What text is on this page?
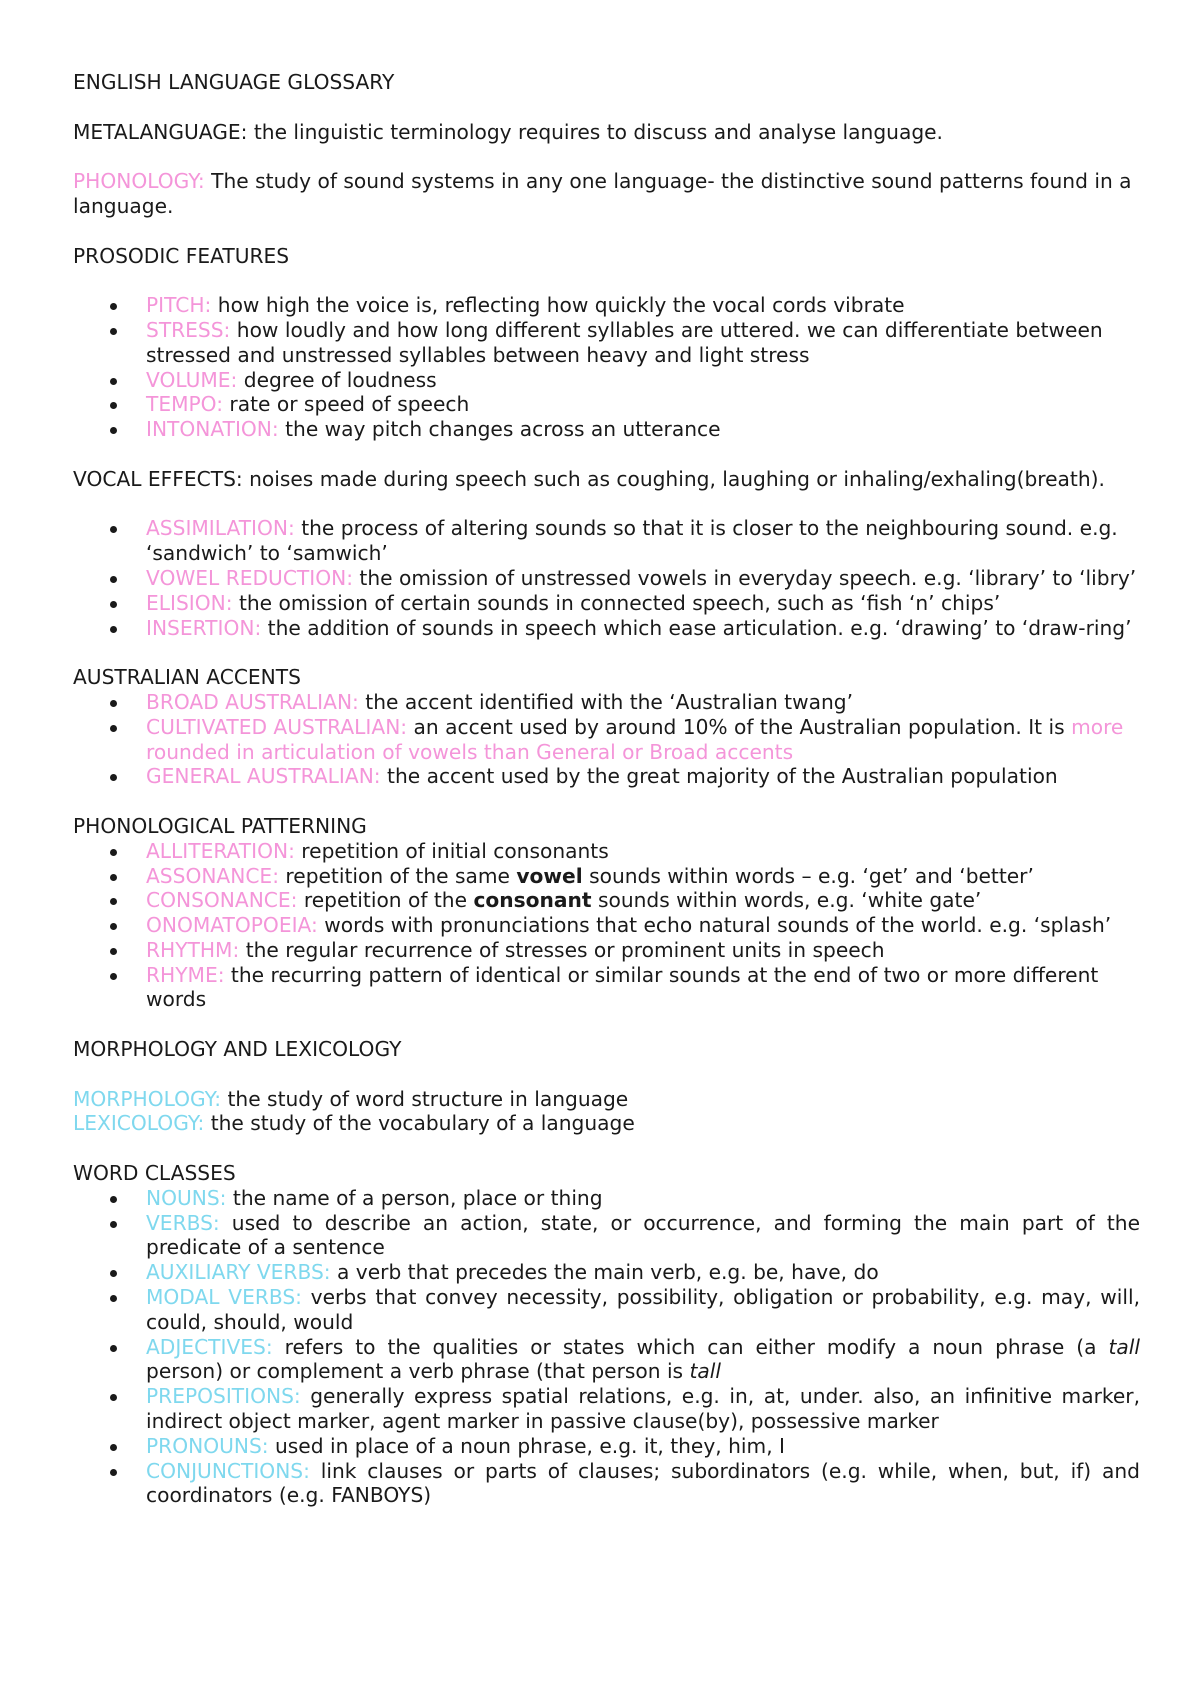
ENGLISH LANGUAGE GLOSSARY

METALANGUAGE: the linguistic terminology requires to discuss and analyse language.

PHONOLOGY: The study of sound systems in any one language- the distinctive sound patterns found in a language.

PROSODIC FEATURES

PITCH: how high the voice is, reflecting how quickly the vocal cords vibrate
STRESS: how loudly and how long different syllables are uttered. we can differentiate between stressed and unstressed syllables between heavy and light stress
VOLUME: degree of loudness
TEMPO: rate or speed of speech
INTONATION: the way pitch changes across an utterance

VOCAL EFFECTS: noises made during speech such as coughing, laughing or inhaling/exhaling(breath).

ASSIMILATION: the process of altering sounds so that it is closer to the neighbouring sound. e.g. ‘sandwich’ to ‘samwich’
VOWEL REDUCTION: the omission of unstressed vowels in everyday speech. e.g. ‘library’ to ‘libry’
ELISION: the omission of certain sounds in connected speech, such as ‘fish ‘n’ chips’
INSERTION: the addition of sounds in speech which ease articulation. e.g. ‘drawing’ to ‘draw-ring’

AUSTRALIAN ACCENTS

BROAD AUSTRALIAN: the accent identified with the ‘Australian twang’
CULTIVATED AUSTRALIAN: an accent used by around 10% of the Australian population. It is more rounded in articulation of vowels than General or Broad accents
GENERAL AUSTRALIAN: the accent used by the great majority of the Australian population

PHONOLOGICAL PATTERNING

ALLITERATION: repetition of initial consonants
ASSONANCE: repetition of the same vowel sounds within words – e.g. ‘get’ and ‘better’
CONSONANCE: repetition of the consonant sounds within words, e.g. ‘white gate’
ONOMATOPOEIA: words with pronunciations that echo natural sounds of the world. e.g. ‘splash’
RHYTHM: the regular recurrence of stresses or prominent units in speech
RHYME: the recurring pattern of identical or similar sounds at the end of two or more different words

MORPHOLOGY AND LEXICOLOGY

MORPHOLOGY: the study of word structure in language

LEXICOLOGY: the study of the vocabulary of a language

WORD CLASSES

NOUNS: the name of a person, place or thing
VERBS: used to describe an action, state, or occurrence, and forming the main part of the predicate of a sentence
AUXILIARY VERBS: a verb that precedes the main verb, e.g. be, have, do
MODAL VERBS: verbs that convey necessity, possibility, obligation or probability, e.g. may, will, could, should, would
ADJECTIVES: refers to the qualities or states which can either modify a noun phrase (a tall person) or complement a verb phrase (that person is tall
PREPOSITIONS: generally express spatial relations, e.g. in, at, under. also, an infinitive marker, indirect object marker, agent marker in passive clause(by), possessive marker
PRONOUNS: used in place of a noun phrase, e.g. it, they, him, I
CONJUNCTIONS: link clauses or parts of clauses; subordinators (e.g. while, when, but, if) and coordinators (e.g. FANBOYS)
